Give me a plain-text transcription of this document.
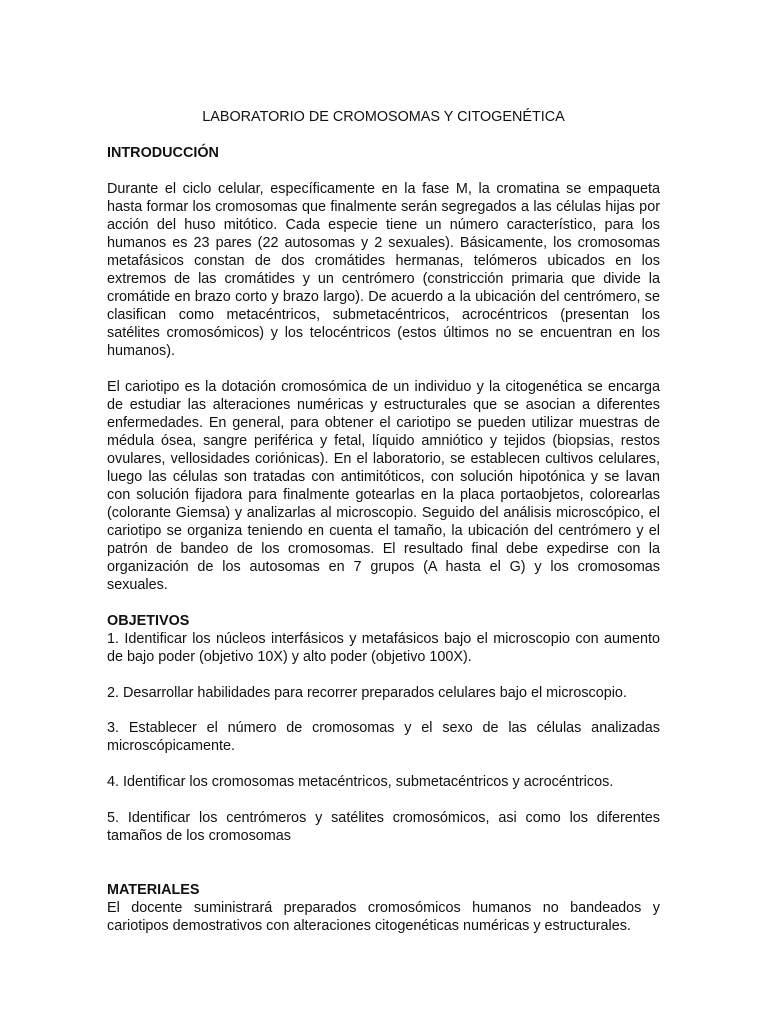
LABORATORIO DE CROMOSOMAS Y CITOGENÉTICA
INTRODUCCIÓN

Durante el ciclo celular, específicamente en la fase M, la cromatina se empaqueta hasta formar los cromosomas que finalmente serán segregados a las células hijas por acción del huso mitótico. Cada especie tiene un número característico, para los humanos es 23 pares (22 autosomas y 2 sexuales). Básicamente, los cromosomas metafásicos constan de dos cromátides hermanas, telómeros ubicados en los extremos de las cromátides y un centrómero (constricción primaria que divide la cromátide en brazo corto y brazo largo). De acuerdo a la ubicación del centrómero, se clasifican como metacéntricos, submetacéntricos, acrocéntricos (presentan los satélites cromosómicos) y los telocéntricos (estos últimos no se encuentran en los humanos).

El cariotipo es la dotación cromosómica de un individuo y la citogenética se encarga de estudiar las alteraciones numéricas y estructurales que se asocian a diferentes enfermedades. En general, para obtener el cariotipo se pueden utilizar muestras de médula ósea, sangre periférica y fetal, líquido amniótico y tejidos (biopsias, restos ovulares, vellosidades coriónicas). En el laboratorio, se establecen cultivos celulares, luego las células son tratadas con antimitóticos, con solución hipotónica y se lavan con solución fijadora para finalmente gotearlas en la placa portaobjetos, colorearlas (colorante Giemsa) y analizarlas al microscopio. Seguido del análisis microscópico, el cariotipo se organiza teniendo en cuenta el tamaño, la ubicación del centrómero y el patrón de bandeo de los cromosomas. El resultado final debe expedirse con la organización de los autosomas en 7 grupos (A hasta el G) y los cromosomas sexuales.

OBJETIVOS

1. Identificar los núcleos interfásicos y metafásicos bajo el microscopio con aumento de bajo poder (objetivo 10X) y alto poder (objetivo 100X).

2. Desarrollar habilidades para recorrer preparados celulares bajo el microscopio.

3. Establecer el número de cromosomas y el sexo de las células analizadas microscópicamente.

4. Identificar los cromosomas metacéntricos, submetacéntricos y acrocéntricos.

5. Identificar los centrómeros y satélites cromosómicos, asi como los diferentes tamaños de los cromosomas

MATERIALES

El docente suministrará preparados cromosómicos humanos no bandeados y cariotipos demostrativos con alteraciones citogenéticas numéricas y estructurales.
